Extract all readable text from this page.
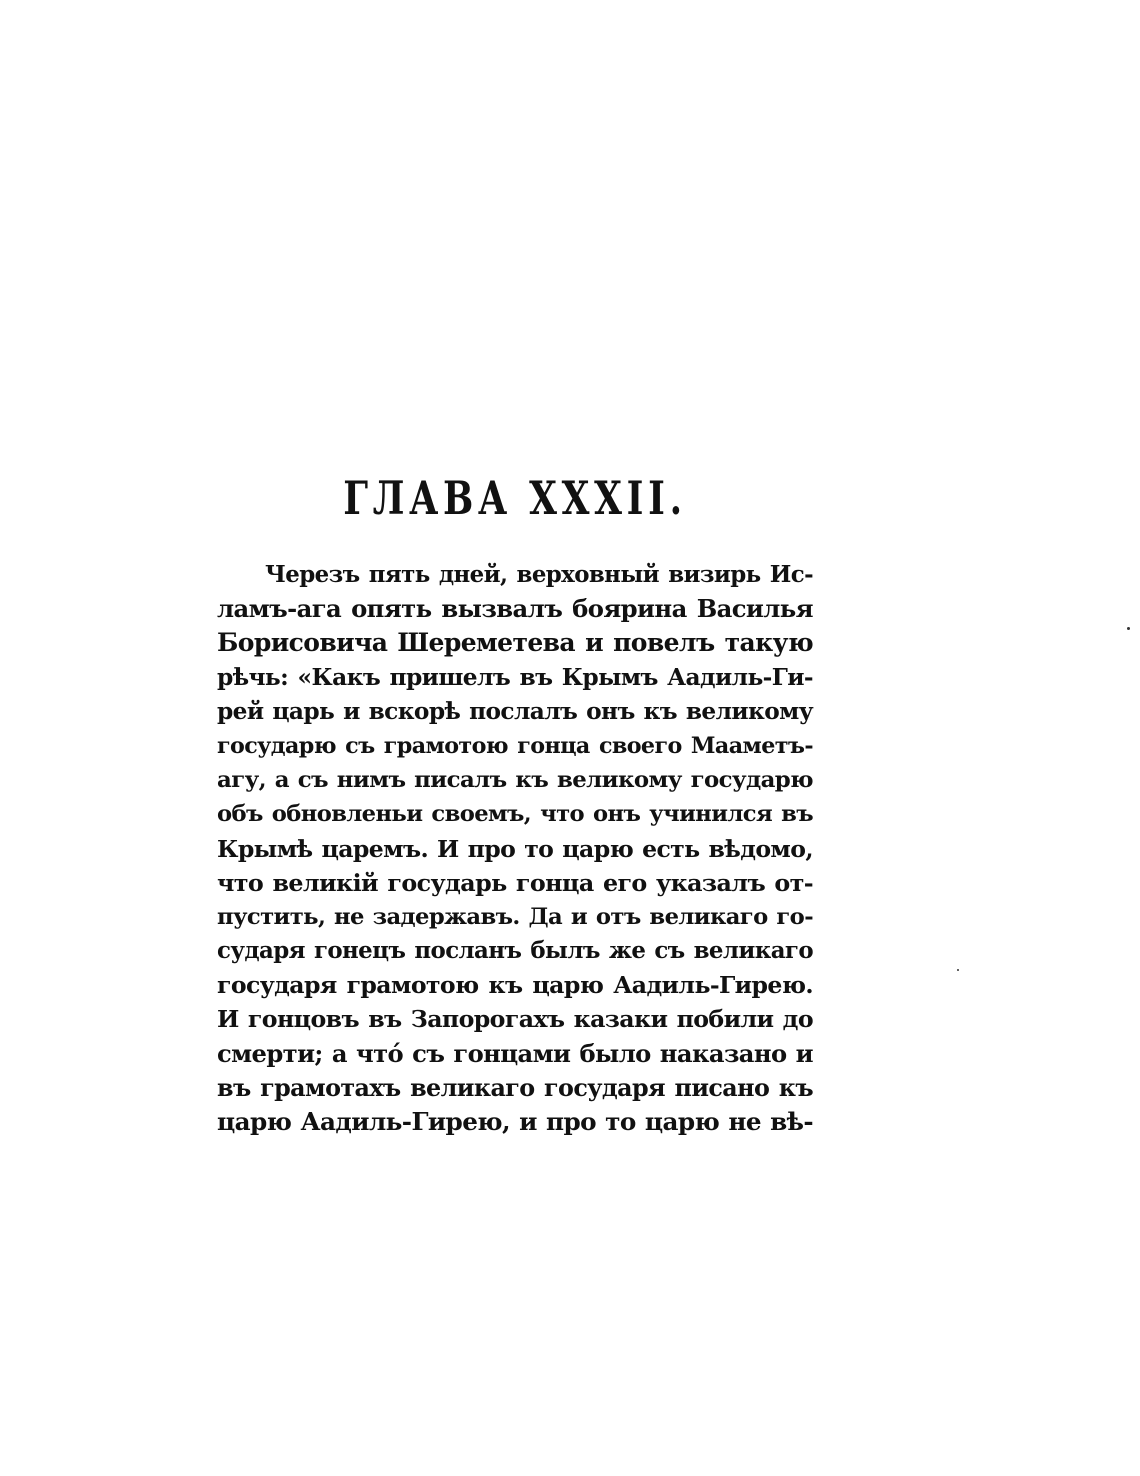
ГЛАВА XXXII.
Черезъ пять дней, верховный визирь Ис-
ламъ-ага опять вызвалъ боярина Василья
Борисовича Шереметева и повелъ такую
рѣчь: «Какъ пришелъ въ Крымъ Аадиль-Ги-
рей царь и вскорѣ послалъ онъ къ великому
государю съ грамотою гонца своего Мааметъ-
агу, а съ нимъ писалъ къ великому государю
объ обновленьи своемъ, что онъ учинился въ
Крымѣ царемъ. И про то царю есть вѣдомо,
что великій государь гонца его указалъ от-
пустить, не задержавъ. Да и отъ великаго го-
сударя гонецъ посланъ былъ же съ великаго
государя грамотою къ царю Аадиль-Гирею.
И гонцовъ въ Запорогахъ казаки побили до
смерти; а чтó съ гонцами было наказано и
въ грамотахъ великаго государя писано къ
царю Аадиль-Гирею, и про то царю не вѣ-
